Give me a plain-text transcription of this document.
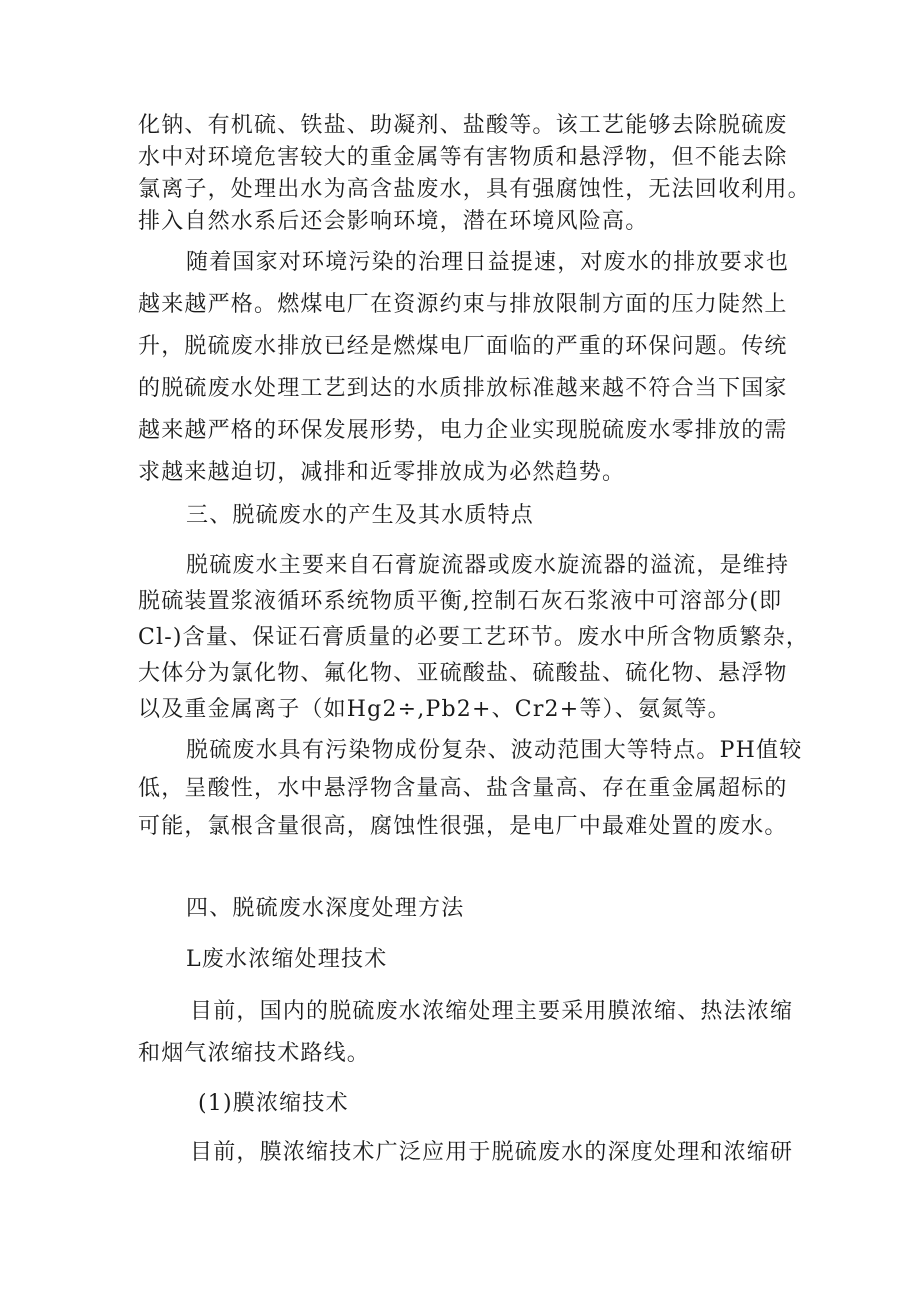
化钠、有机硫、铁盐、助凝剂、盐酸等。该工艺能够去除脱硫废
水中对环境危害较大的重金属等有害物质和悬浮物，但不能去除
氯离子，处理出水为高含盐废水，具有强腐蚀性，无法回收利用。
排入自然水系后还会影响环境，潜在环境风险高。

随着国家对环境污染的治理日益提速，对废水的排放要求也
越来越严格。燃煤电厂在资源约束与排放限制方面的压力陡然上
升，脱硫废水排放已经是燃煤电厂面临的严重的环保问题。传统
的脱硫废水处理工艺到达的水质排放标准越来越不符合当下国家
越来越严格的环保发展形势，电力企业实现脱硫废水零排放的需
求越来越迫切，减排和近零排放成为必然趋势。

三、脱硫废水的产生及其水质特点

脱硫废水主要来自石膏旋流器或废水旋流器的溢流，是维持
脱硫装置浆液循环系统物质平衡,控制石灰石浆液中可溶部分(即
Cl-)含量、保证石膏质量的必要工艺环节。废水中所含物质繁杂，
大体分为氯化物、氟化物、亚硫酸盐、硫酸盐、硫化物、悬浮物
以及重金属离子（如Hg2÷,Pb2+、Cr2+等）、氨氮等。

脱硫废水具有污染物成份复杂、波动范围大等特点。PH值较
低，呈酸性，水中悬浮物含量高、盐含量高、存在重金属超标的
可能，氯根含量很高，腐蚀性很强，是电厂中最难处置的废水。

四、脱硫废水深度处理方法

L废水浓缩处理技术

目前，国内的脱硫废水浓缩处理主要采用膜浓缩、热法浓缩
和烟气浓缩技术路线。

(1)膜浓缩技术

目前，膜浓缩技术广泛应用于脱硫废水的深度处理和浓缩研
